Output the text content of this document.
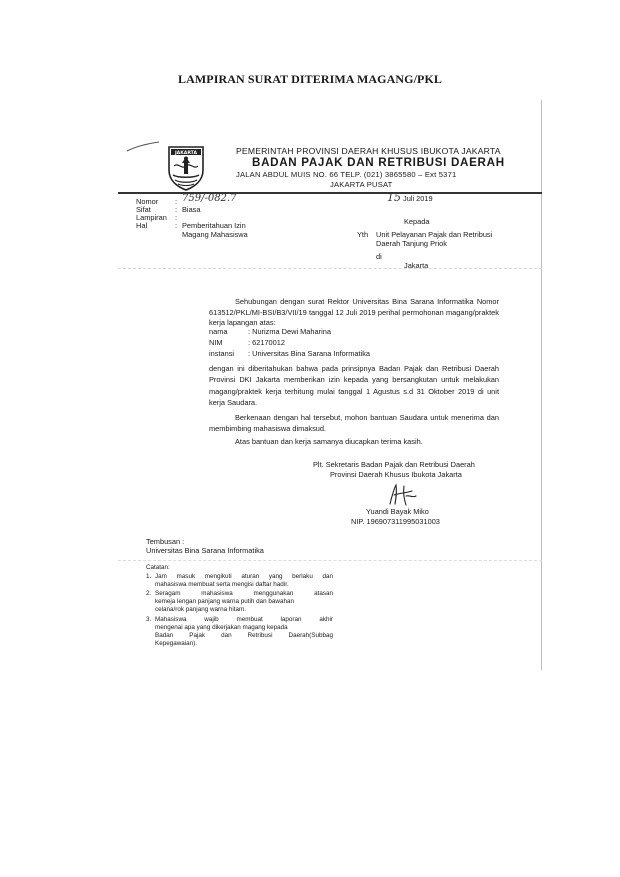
LAMPIRAN SURAT DITERIMA MAGANG/PKL
JAKARTA	PEMERINTAH PROVINSI DAERAH KHUSUS IBUKOTA JAKARTA
BADAN PAJAK DAN RETRIBUSI DAERAH
JALAN ABDUL MUIS NO. 66 TELP. (021) 3865580 – Ext 5371
JAKARTA PUSAT
15 Juli 2019
Nomor : 759/-082.7
Sifat	: Biasa
Lampiran :
Hal	: Pemberitahuan Izin
Magang Mahasiswa
Kepada
Yth Unit Pelayanan Pajak dan Retribusi
Daerah Tanjung Priok
di
Jakarta
Sehubungan dengan surat Rektor Universitas Bina Sarana Informatika Nomor 613512/PKL/MI-BSI/B3/VII/19 tanggal 12 Juli 2019 perihal permohonan magang/praktek kerja lapangan atas:
nama	: Nurizma Dewi Maharina
NIM	: 62170012
instansi : Universitas Bina Sarana Informatika
dengan ini diberitahukan bahwa pada prinsipnya Badan Pajak dan Retribusi Daerah Provinsi DKI Jakarta memberikan izin kepada yang bersangkutan untuk melakukan magang/praktek kerja terhitung mulai tanggal 1 Agustus s.d 31 Oktober 2019 di unit kerja Saudara.
Berkenaan dengan hal tersebut, mohon bantuan Saudara untuk menerima dan membimbing mahasiswa dimaksud.
Atas bantuan dan kerja samanya diucapkan terima kasih.
Plt. Sekretaris Badan Pajak dan Retribusi Daerah
Provinsi Daerah Khusus Ibukota Jakarta
Yuandi Bayak Miko
NIP. 196907311995031003
Tembusan :
Universitas Bina Sarana Informatika
Catatan:
1. Jam masuk mengikuti aturan yang berlaku dan
mahasiswa membuat serta mengisi daftar hadir.
2. Seragam mahasiswa menggunakan atasan
kemeja lengan panjang warna putih dan bawahan
celana/rok panjang warna hitam.
3. Mahasiswa wajib membuat laporan akhir
mengenai apa yang dikerjakan magang kepada
Badan Pajak dan Retribusi Daerah(Subbag
Kepegawaian).
